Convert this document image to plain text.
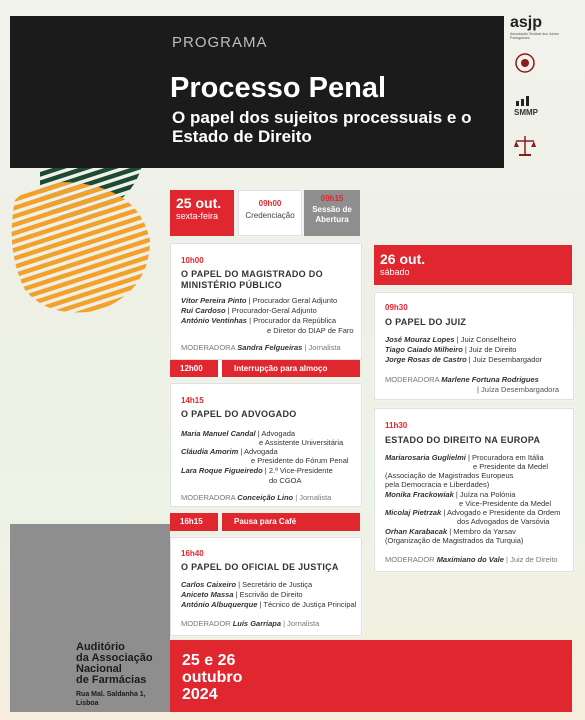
PROGRAMA
Processo Penal
O papel dos sujeitos processuais e o Estado de Direito
asjp
Associação Sindical dos Juízes Portugueses
SMMP
25 out.
sexta-feira
09h00
Credenciação
09h15
Sessão de Abertura
10h00
O PAPEL DO MAGISTRADO DO MINISTÉRIO PÚBLICO
Vítor Pereira Pinto | Procurador Geral Adjunto
Rui Cardoso | Procurador-Geral Adjunto
António Ventinhas | Procurador da República
e Diretor do DIAP de Faro
MODERADORA Sandra Felgueiras | Jornalista
12h00	Interrupção para almoço
14h15
O PAPEL DO ADVOGADO
Maria Manuel Candal | Advogada
e Assistente Universitária
Cláudia Amorim | Advogada
e Presidente do Fórum Penal
Lara Roque Figueiredo | 2.ª Vice-Presidente
do CGOA
MODERADORA Conceição Lino | Jornalista
16h15	Pausa para Café
16h40
O PAPEL DO OFICIAL DE JUSTIÇA
Carlos Caixeiro | Secretário de Justiça
Aniceto Massa | Escrivão de Direito
António Albuquerque | Técnico de Justiça Principal
MODERADOR Luís Garriapa | Jornalista
26 out.
sábado
09h30
O PAPEL DO JUIZ
José Mouraz Lopes | Juiz Conselheiro
Tiago Caiado Milheiro | Juiz de Direito
Jorge Rosas de Castro | Juiz Desembargador
MODERADORA Marlene Fortuna Rodrigues
| Juíza Desembargadora
11h30
ESTADO DO DIREITO NA EUROPA
Mariarosaria Guglielmi | Procuradora em Itália
e Presidente da Medel
(Associação de Magistrados Europeus
pela Democracia e Liberdades)
Monika Frackowiak | Juíza na Polónia
e Vice-Presidente da Medel
Micolaj Pietrzak | Advogado e Presidente da Ordem
dos Advogados de Varsóvia
Orhan Karabacak | Membro da Yarsav
(Organização de Magistrados da Turquia)
MODERADOR Maximiano do Vale | Juiz de Direito
Auditório
da Associação
Nacional
de Farmácias
Rua Mal. Saldanha 1,
Lisboa
25 e 26
outubro
2024
